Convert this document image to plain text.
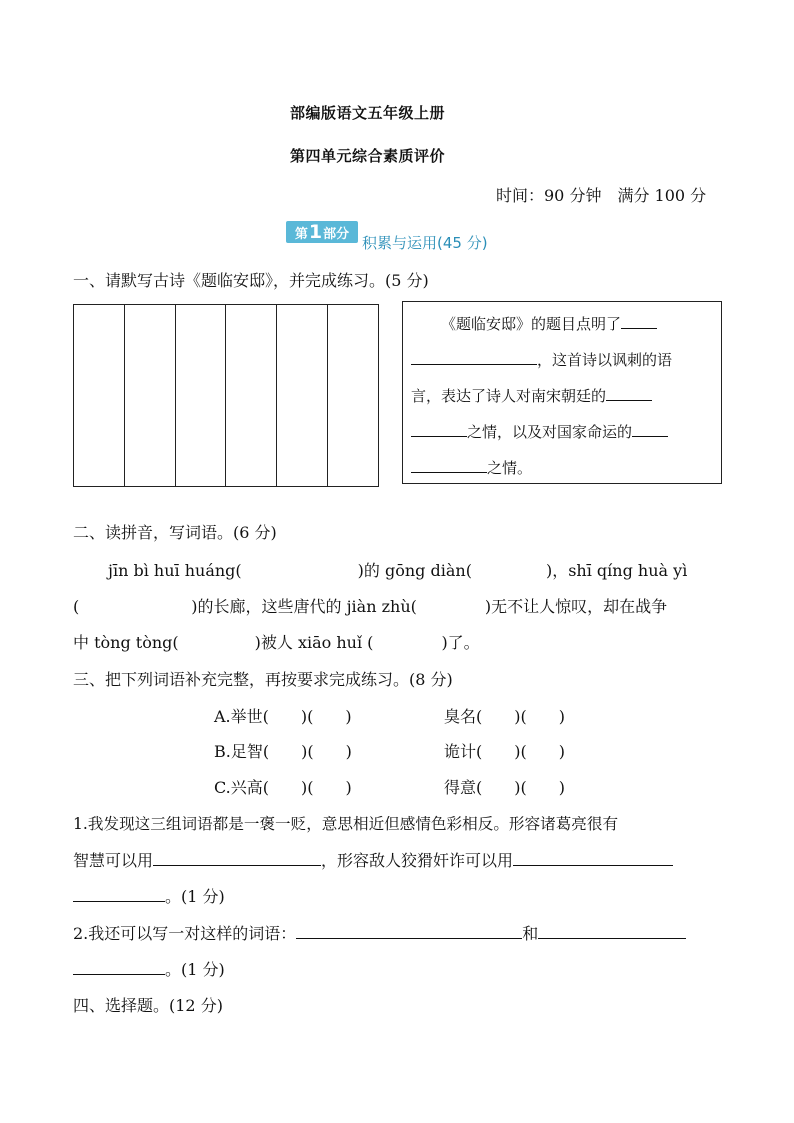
部编版语文五年级上册
第四单元综合素质评价
时间：90 分钟　满分 100 分
第 1 部分 积累与运用(45 分)
一、请默写古诗《题临安邸》，并完成练习。(5 分)
《题临安邸》的题目点明了
，这首诗以讽刺的语
言，表达了诗人对南宋朝廷的
之情，以及对国家命运的
之情。
二、读拼音，写词语。(6 分)
jīn bì huī huáng(	)的 gōng diàn(	)，shī qíng huà yì
(	)的长廊，这些唐代的 jiàn zhù(	)无不让人惊叹，却在战争
中 tòng tòng(	)被人 xiāo huǐ (	)了。
三、把下列词语补充完整，再按要求完成练习。(8 分)
A.举世(　　)(　　)	臭名(　　)(　　)
B.足智(　　)(　　)	诡计(　　)(　　)
C.兴高(　　)(　　)	得意(　　)(　　)
1.我发现这三组词语都是一褒一贬，意思相近但感情色彩相反。形容诸葛亮很有
智慧可以用	，形容敌人狡猾奸诈可以用
。(1 分)
2.我还可以写一对这样的词语：	和
。(1 分)
四、选择题。(12 分)
